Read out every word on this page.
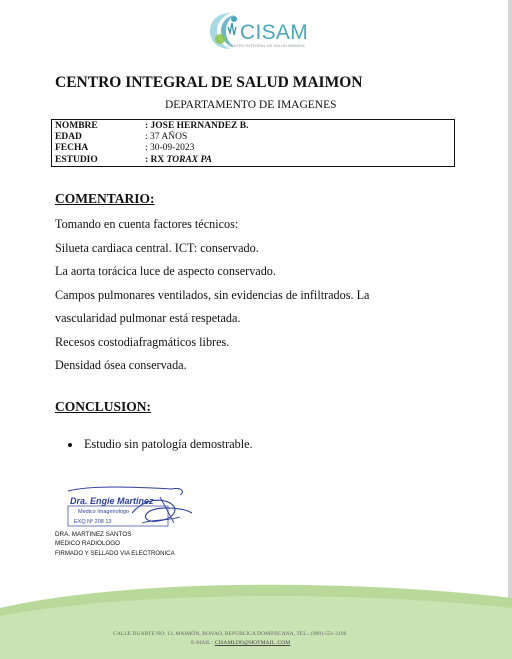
CISAM
CENTRO INTEGRAL DE SALUD MAIMON
CENTRO INTEGRAL DE SALUD MAIMON
DEPARTAMENTO DE IMAGENES
NOMBRE	: JOSE HERNANDEZ B.
EDAD	: 37 AÑOS
FECHA	: 30-09-2023
ESTUDIO	: RX TORAX PA
COMENTARIO:

Tomando en cuenta factores técnicos:

Silueta cardiaca central. ICT: conservado.

La aorta torácica luce de aspecto conservado.

Campos pulmonares ventilados, sin evidencias de infiltrados. La

vascularidad pulmonar está respetada.

Recesos costodiafragmáticos libres.

Densidad ósea conservada.

CONCLUSION:
Estudio sin patología demostrable.
Dra. Engie Martinez
Medico Imagenologo
EXQ Nº 208 13
DRA. MARTINEZ SANTOS
MEDICO RADIOLOGO
FIRMADO Y SELLADO VIA ELECTRONICA
CALLE DUARTE NO. 13, MAIMÓN, BONAO, REPUBLICA DOMINICANA, TEL.: (809)-551-2196
E-MAIL : CISAMLDO@HOTMAIL .COM
